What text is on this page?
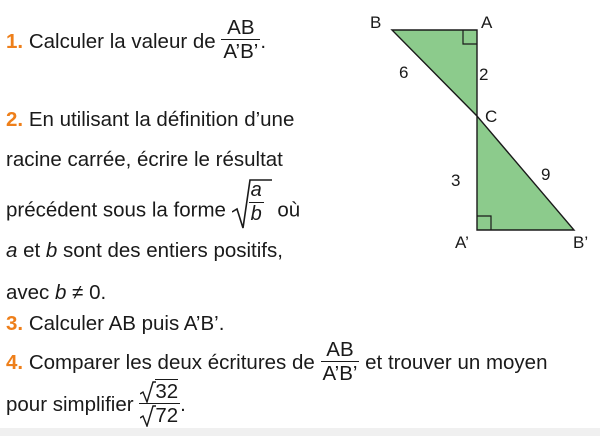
1. Calculer la valeur de $\frac{AB}{A’B’}$ .
2. En utilisant la définition d’une
racine carrée, écrire le résultat
précédent sous la forme $\frac{a}{b}$ où
a et b sont des entiers positifs,
avec b ≠ 0.
3. Calculer AB puis A’B’.
4. Comparer les deux écritures de $\frac{AB}{A’B’}$ et trouver un moyen
pour simplifier $\frac{32}{72}$ .
B	A
C
A’	B’
6	2
3	9
